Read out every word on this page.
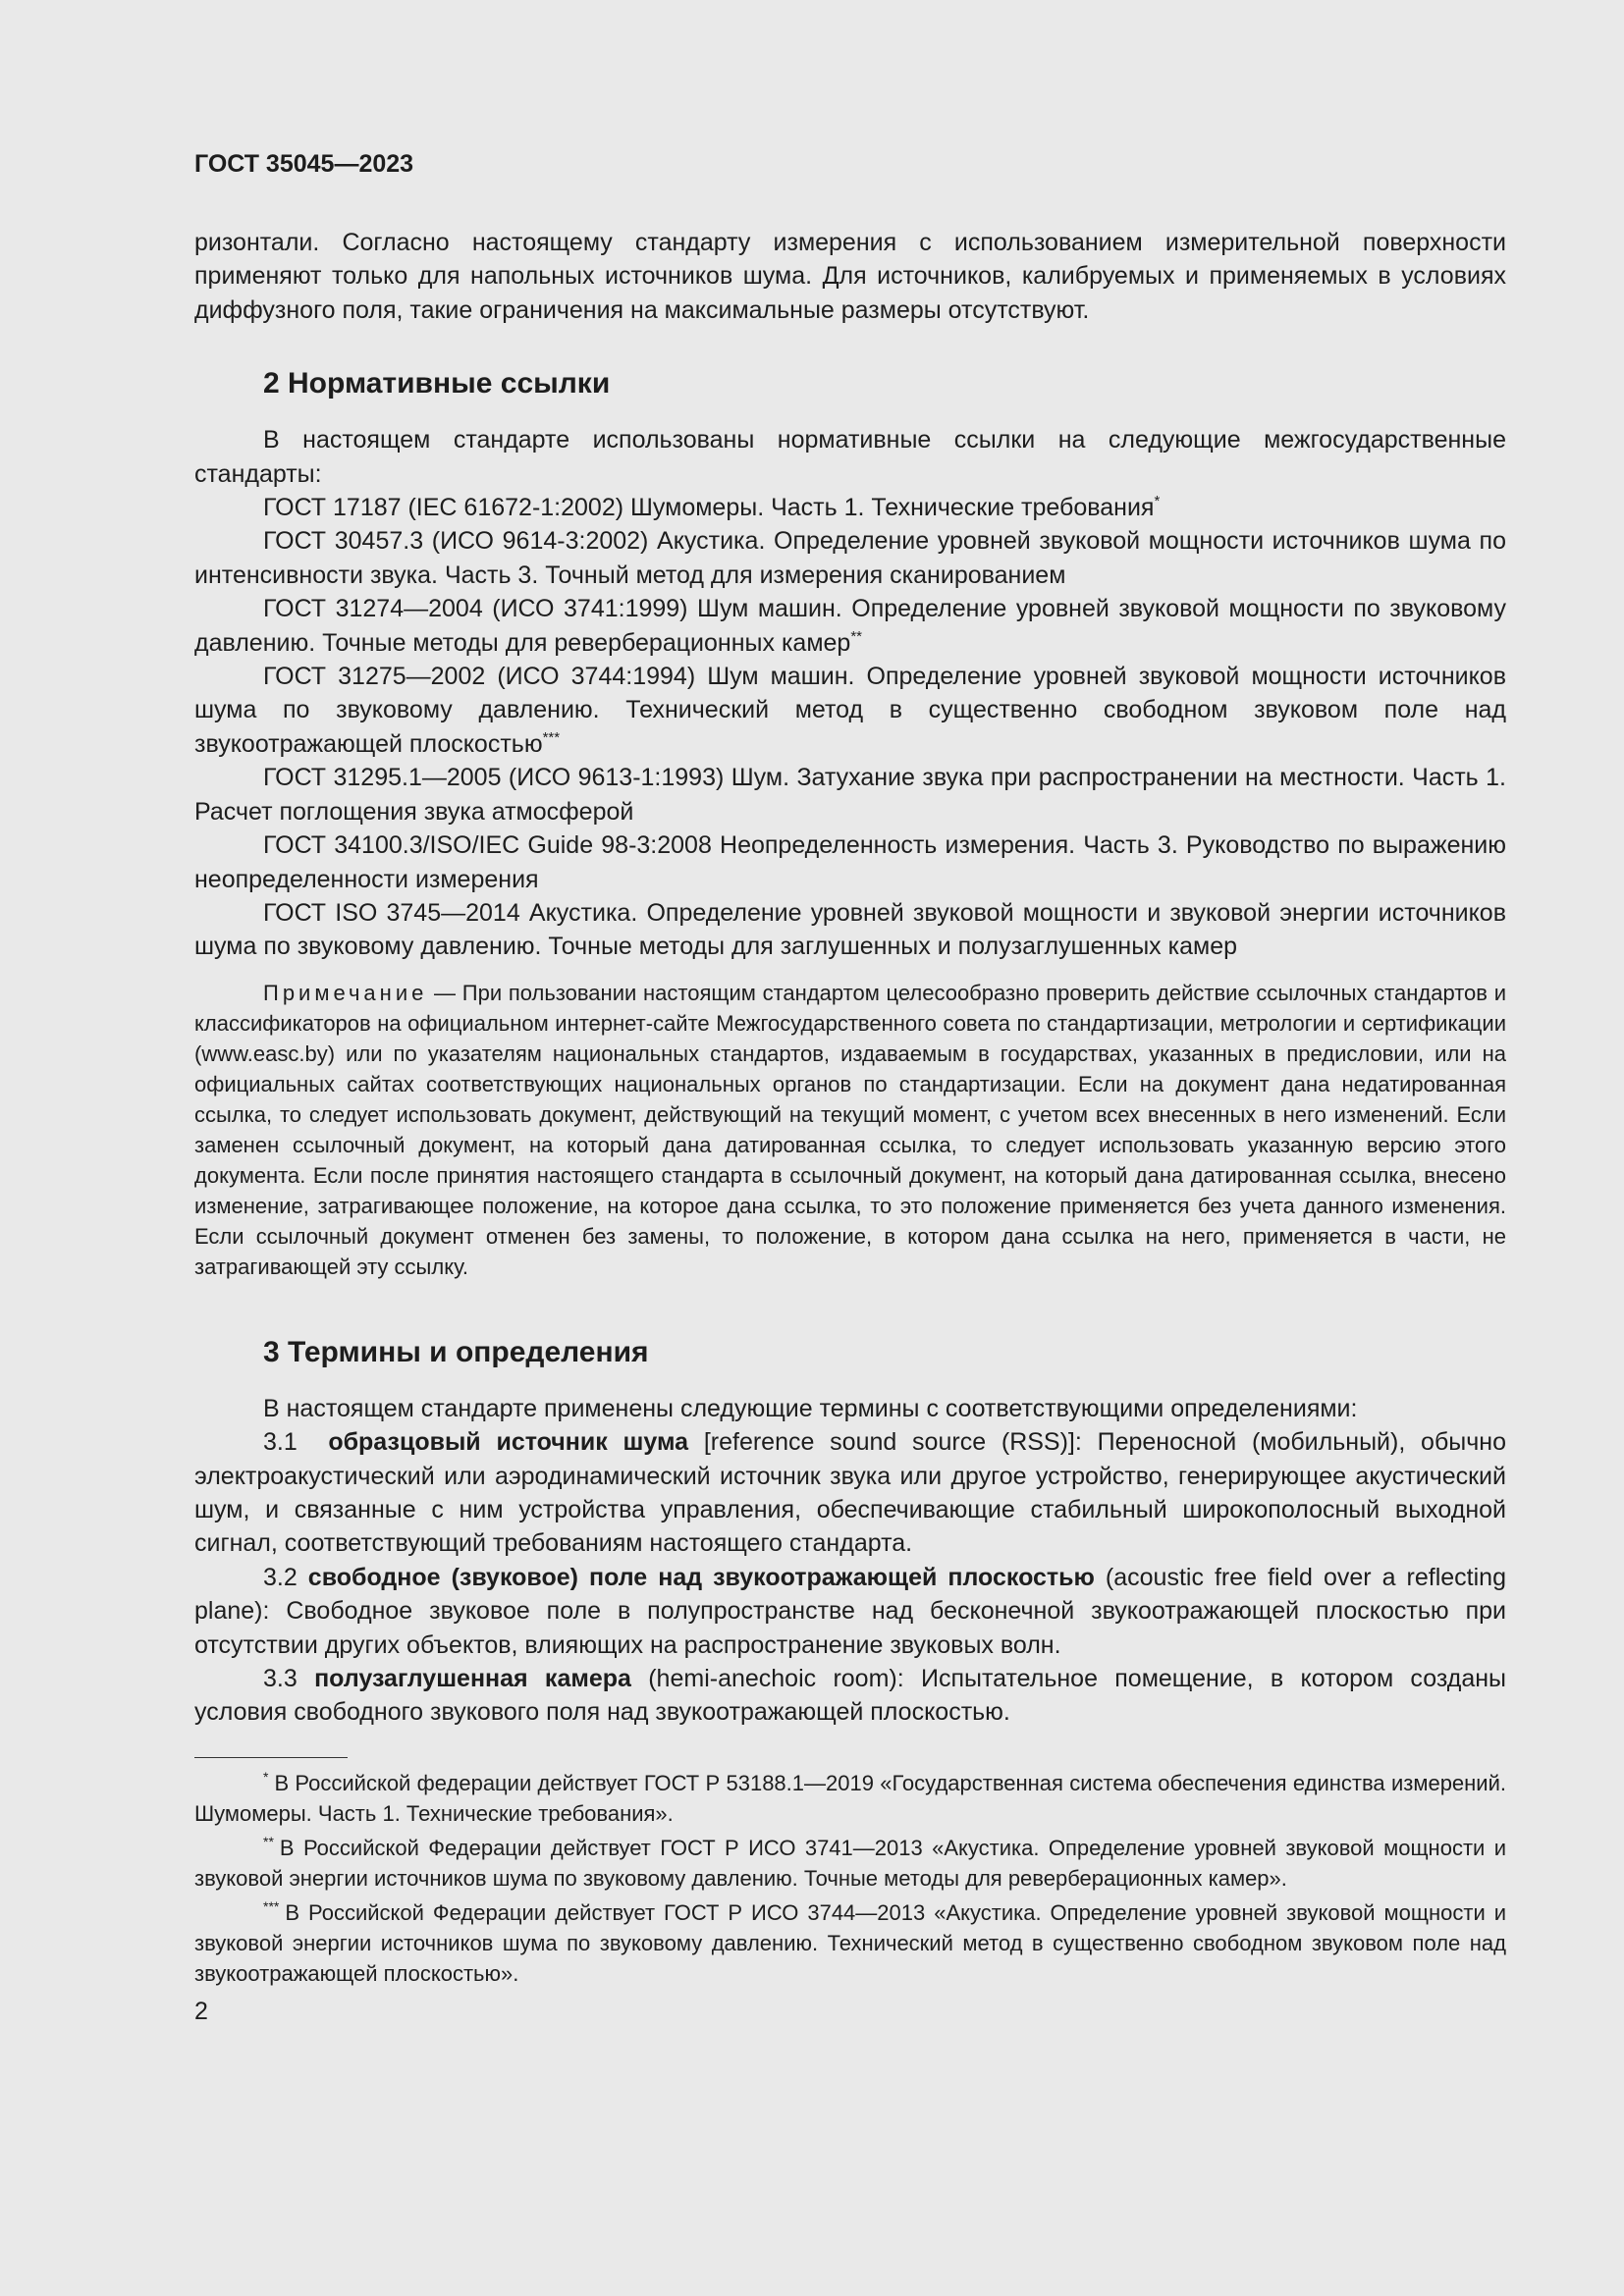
ГОСТ 35045—2023

ризонтали. Согласно настоящему стандарту измерения с использованием измерительной поверхности применяют только для напольных источников шума. Для источников, калибруемых и применяемых в условиях диффузного поля, такие ограничения на максимальные размеры отсутствуют.

2 Нормативные ссылки

В настоящем стандарте использованы нормативные ссылки на следующие межгосударственные стандарты:

ГОСТ 17187 (IEC 61672-1:2002) Шумомеры. Часть 1. Технические требования*

ГОСТ 30457.3 (ИСО 9614-3:2002) Акустика. Определение уровней звуковой мощности источников шума по интенсивности звука. Часть 3. Точный метод для измерения сканированием

ГОСТ 31274—2004 (ИСО 3741:1999) Шум машин. Определение уровней звуковой мощности по звуковому давлению. Точные методы для реверберационных камер**

ГОСТ 31275—2002 (ИСО 3744:1994) Шум машин. Определение уровней звуковой мощности источников шума по звуковому давлению. Технический метод в существенно свободном звуковом поле над звукоотражающей плоскостью***

ГОСТ 31295.1—2005 (ИСО 9613-1:1993) Шум. Затухание звука при распространении на местности. Часть 1. Расчет поглощения звука атмосферой

ГОСТ 34100.3/ISO/IEC Guide 98-3:2008 Неопределенность измерения. Часть 3. Руководство по выражению неопределенности измерения

ГОСТ ISO 3745—2014 Акустика. Определение уровней звуковой мощности и звуковой энергии источников шума по звуковому давлению. Точные методы для заглушенных и полузаглушенных камер

Примечание — При пользовании настоящим стандартом целесообразно проверить действие ссылочных стандартов и классификаторов на официальном интернет-сайте Межгосударственного совета по стандартизации, метрологии и сертификации (www.easc.by) или по указателям национальных стандартов, издаваемым в государствах, указанных в предисловии, или на официальных сайтах соответствующих национальных органов по стандартизации. Если на документ дана недатированная ссылка, то следует использовать документ, действующий на текущий момент, с учетом всех внесенных в него изменений. Если заменен ссылочный документ, на который дана датированная ссылка, то следует использовать указанную версию этого документа. Если после принятия настоящего стандарта в ссылочный документ, на который дана датированная ссылка, внесено изменение, затрагивающее положение, на которое дана ссылка, то это положение применяется без учета данного изменения. Если ссылочный документ отменен без замены, то положение, в котором дана ссылка на него, применяется в части, не затрагивающей эту ссылку.

3 Термины и определения

В настоящем стандарте применены следующие термины с соответствующими определениями:

3.1 образцовый источник шума [reference sound source (RSS)]: Переносной (мобильный), обычно электроакустический или аэродинамический источник звука или другое устройство, генерирующее акустический шум, и связанные с ним устройства управления, обеспечивающие стабильный широкополосный выходной сигнал, соответствующий требованиям настоящего стандарта.

3.2 свободное (звуковое) поле над звукоотражающей плоскостью (acoustic free field over a reflecting plane): Свободное звуковое поле в полупространстве над бесконечной звукоотражающей плоскостью при отсутствии других объектов, влияющих на распространение звуковых волн.

3.3 полузаглушенная камера (hemi-anechoic room): Испытательное помещение, в котором созданы условия свободного звукового поля над звукоотражающей плоскостью.

* В Российской федерации действует ГОСТ Р 53188.1—2019 «Государственная система обеспечения единства измерений. Шумомеры. Часть 1. Технические требования».

** В Российской Федерации действует ГОСТ Р ИСО 3741—2013 «Акустика. Определение уровней звуковой мощности и звуковой энергии источников шума по звуковому давлению. Точные методы для реверберационных камер».

*** В Российской Федерации действует ГОСТ Р ИСО 3744—2013 «Акустика. Определение уровней звуковой мощности и звуковой энергии источников шума по звуковому давлению. Технический метод в существенно свободном звуковом поле над звукоотражающей плоскостью».

2
